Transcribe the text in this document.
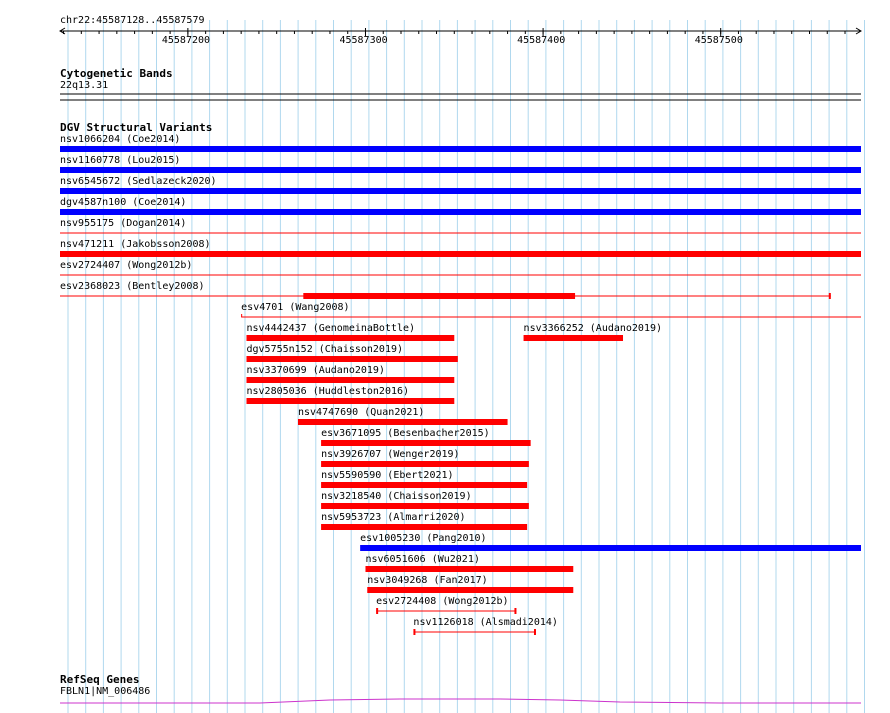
chr22:45587128..45587579
45587200	45587300	45587400	45587500
Cytogenetic Bands
22q13.31
DGV Structural Variants
nsv1066204 (Coe2014)
nsv1160778 (Lou2015)
nsv6545672 (Sedlazeck2020)
dgv4587n100 (Coe2014)
nsv955175 (Dogan2014)
nsv471211 (Jakobsson2008)
esv2724407 (Wong2012b)
esv2368023 (Bentley2008)
esv4701 (Wang2008)
nsv4442437 (GenomeinaBottle)	nsv3366252 (Audano2019)
dgv5755n152 (Chaisson2019)
nsv3370699 (Audano2019)
nsv2805036 (Huddleston2016)
nsv4747690 (Quan2021)
esv3671095 (Besenbacher2015)
nsv3926707 (Wenger2019)
nsv5590590 (Ebert2021)
nsv3218540 (Chaisson2019)
nsv5953723 (Almarri2020)
esv1005230 (Pang2010)
nsv6051606 (Wu2021)
nsv3049268 (Fan2017)
esv2724408 (Wong2012b)
nsv1126018 (Alsmadi2014)
RefSeq Genes
FBLN1|NM_006486
